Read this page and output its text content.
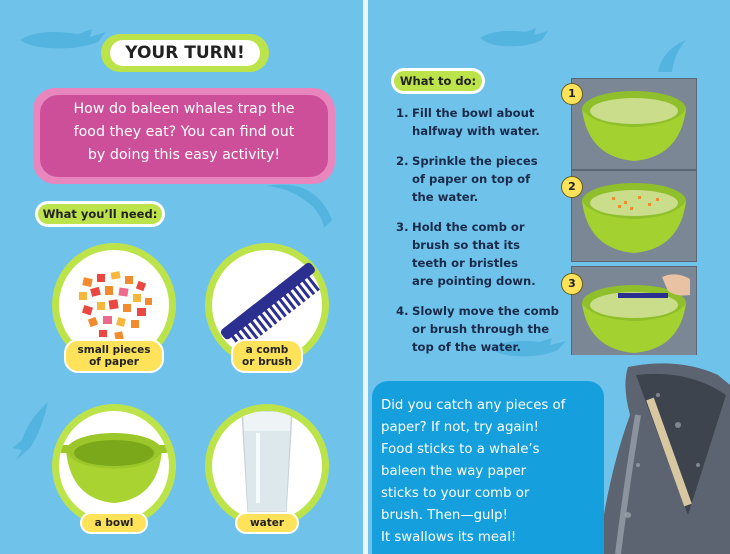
YOUR TURN!
How do baleen whales trap the
food they eat? You can find out
by doing this easy activity!
What you’ll need:
small pieces
of paper
a comb
or brush
a bowl	water
What to do:
1. Fill the bowl about
halfway with water.
2. Sprinkle the pieces
of paper on top of
the water.
3. Hold the comb or
brush so that its
teeth or bristles
are pointing down.
4. Slowly move the comb
or brush through the
top of the water.
1
2
3
Did you catch any pieces of
paper? If not, try again!
Food sticks to a whale’s
baleen the way paper
sticks to your comb or
brush. Then—gulp!
It swallows its meal!
